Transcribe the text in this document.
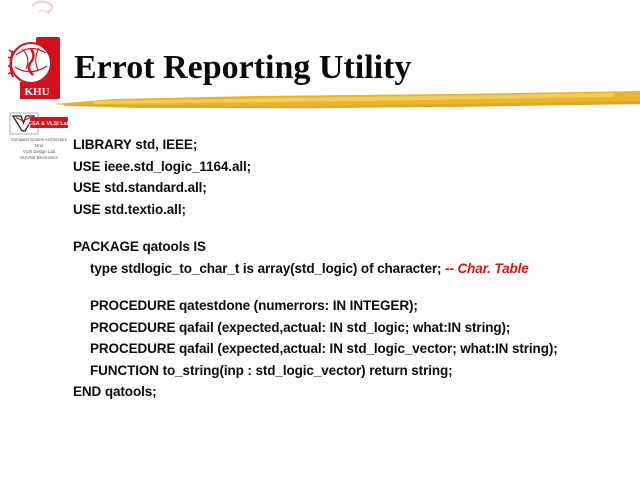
KHU
Errot Reporting Utility
CSA & VLSI Lab
Computer System Architecture
Unit
VLSI Design Lab
KHUNS Electronics
LIBRARY std, IEEE;
USE ieee.std_logic_1164.all;
USE std.standard.all;
USE std.textio.all;
PACKAGE qatools IS
type stdlogic_to_char_t is array(std_logic) of character; -- Char. Table
PROCEDURE qatestdone (numerrors: IN INTEGER);
PROCEDURE qafail (expected,actual: IN std_logic; what:IN string);
PROCEDURE qafail (expected,actual: IN std_logic_vector; what:IN string);
FUNCTION to_string(inp : std_logic_vector) return string;
END qatools;
